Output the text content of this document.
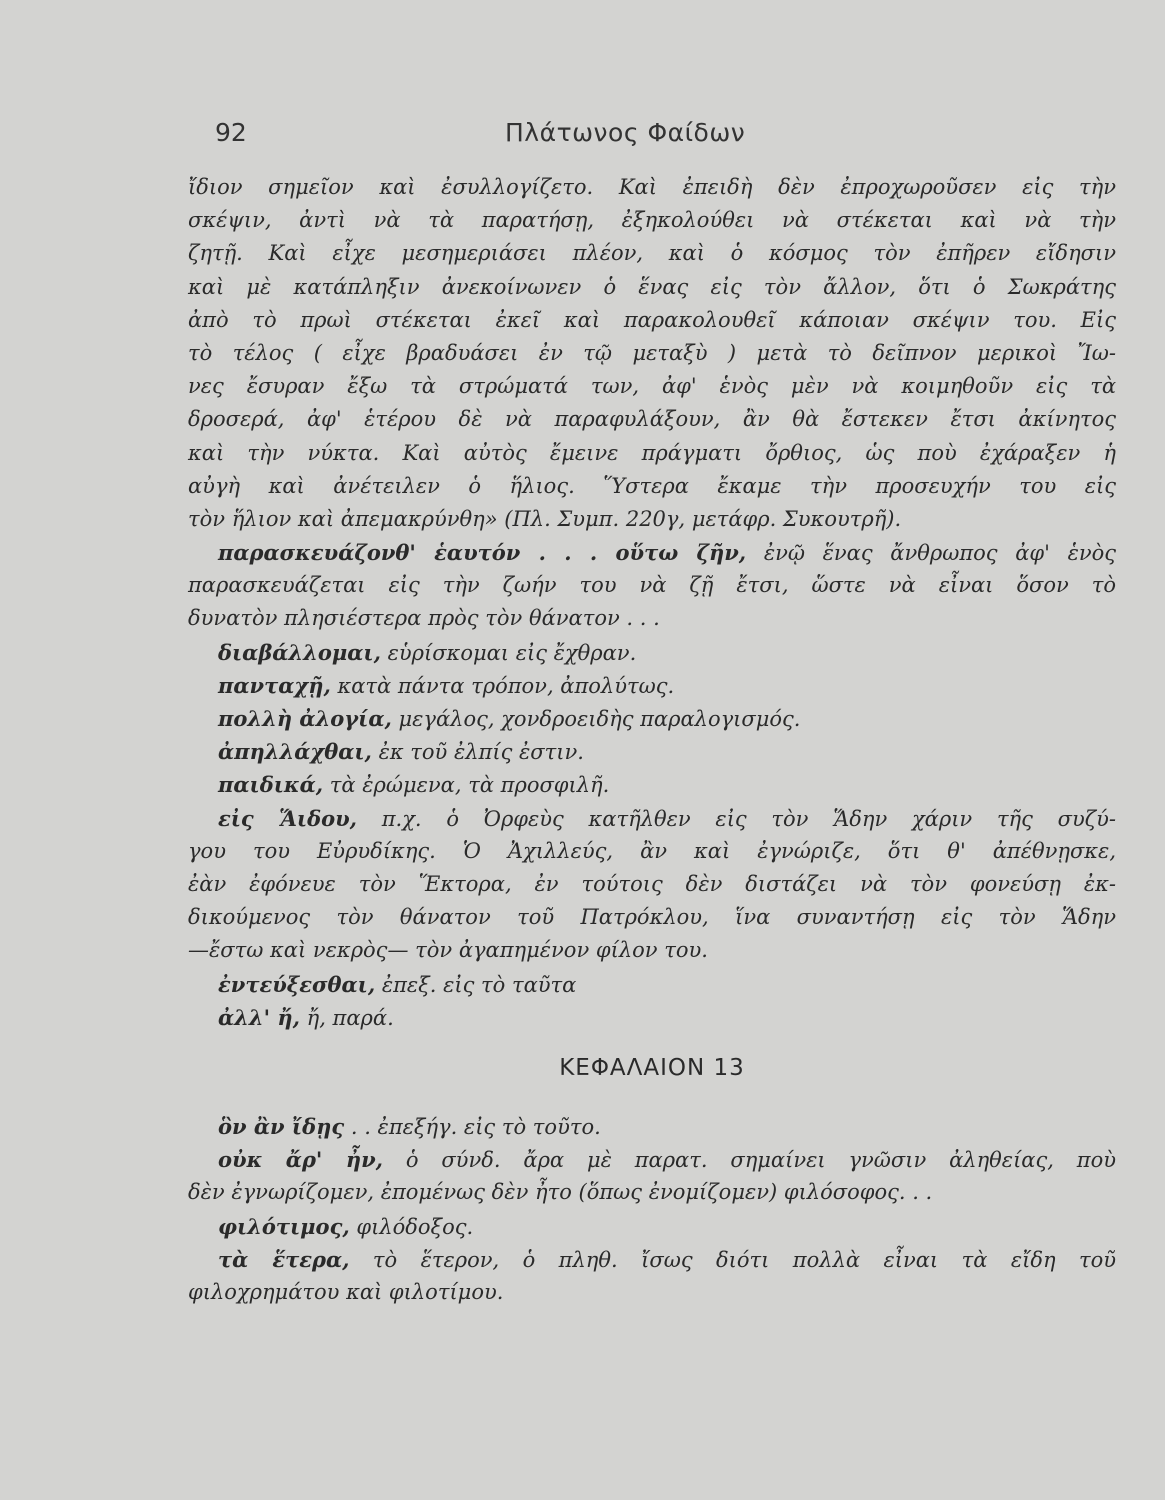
92	Πλάτωνος Φαίδων
ἴδιον σημεῖον καὶ ἐσυλλογίζετο. Καὶ ἐπειδὴ δὲν ἐπροχωροῦσεν εἰς τὴν
σκέψιν, ἀντὶ νὰ τὰ παρατήσῃ, ἐξηκολούθει νὰ στέκεται καὶ νὰ τὴν
ζητῇ. Καὶ εἶχε μεσημεριάσει πλέον, καὶ ὁ κόσμος τὸν ἐπῆρεν εἴδησιν
καὶ μὲ κατάπληξιν ἀνεκοίνωνεν ὁ ἕνας εἰς τὸν ἄλλον, ὅτι ὁ Σωκράτης
ἀπὸ τὸ πρωὶ στέκεται ἐκεῖ καὶ παρακολουθεῖ κάποιαν σκέψιν του. Εἰς
τὸ τέλος ( εἶχε βραδυάσει ἐν τῷ μεταξὺ ) μετὰ τὸ δεῖπνον μερικοὶ Ἴω-
νες ἔσυραν ἔξω τὰ στρώματά των, ἀφ' ἑνὸς μὲν νὰ κοιμηθοῦν εἰς τὰ
δροσερά, ἀφ' ἑτέρου δὲ νὰ παραφυλάξουν, ἂν θὰ ἔστεκεν ἔτσι ἀκίνητος
καὶ τὴν νύκτα. Καὶ αὐτὸς ἔμεινε πράγματι ὄρθιος, ὡς ποὺ ἐχάραξεν ἡ
αὐγὴ καὶ ἀνέτειλεν ὁ ἥλιος. Ὕστερα ἔκαμε τὴν προσευχήν του εἰς
τὸν ἥλιον καὶ ἀπεμακρύνθη» (Πλ. Συμπ. 220γ, μετάφρ. Συκουτρῆ).
παρασκευάζονθ' ἑαυτόν . . . οὕτω ζῆν, ἐνῷ ἕνας ἄνθρωπος ἀφ' ἑνὸς
παρασκευάζεται εἰς τὴν ζωήν του νὰ ζῇ ἔτσι, ὥστε νὰ εἶναι ὅσον τὸ
δυνατὸν πλησιέστερα πρὸς τὸν θάνατον . . .
διαβάλλομαι, εὑρίσκομαι εἰς ἔχθραν.
πανταχῇ, κατὰ πάντα τρόπον, ἀπολύτως.
πολλὴ ἀλογία, μεγάλος, χονδροειδὴς παραλογισμός.
ἀπηλλάχθαι, ἐκ τοῦ ἐλπίς ἐστιν.
παιδικά, τὰ ἐρώμενα, τὰ προσφιλῆ.
εἰς Ἅιδου, π.χ. ὁ Ὀρφεὺς κατῆλθεν εἰς τὸν Ἅδην χάριν τῆς συζύ-
γου του Εὐρυδίκης. Ὁ Ἀχιλλεύς, ἂν καὶ ἐγνώριζε, ὅτι θ' ἀπέθνῃσκε,
ἐὰν ἐφόνευε τὸν Ἕκτορα, ἐν τούτοις δὲν διστάζει νὰ τὸν φονεύσῃ ἐκ-
δικούμενος τὸν θάνατον τοῦ Πατρόκλου, ἵνα συναντήσῃ εἰς τὸν Ἅδην
—ἔστω καὶ νεκρὸς— τὸν ἀγαπημένον φίλον του.
ἐντεύξεσθαι, ἐπεξ. εἰς τὸ ταῦτα
ἀλλ' ἤ, ἤ, παρά.
ΚΕΦΑΛΑΙΟΝ 13
ὃν ἂν ἴδῃς . . ἐπεξήγ. εἰς τὸ τοῦτο.
οὐκ ἄρ' ἦν, ὁ σύνδ. ἄρα μὲ παρατ. σημαίνει γνῶσιν ἀληθείας, ποὺ
δὲν ἐγνωρίζομεν, ἐπομένως δὲν ἦτο (ὅπως ἐνομίζομεν) φιλόσοφος. . .
φιλότιμος, φιλόδοξος.
τὰ ἕτερα, τὸ ἕτερον, ὁ πληθ. ἴσως διότι πολλὰ εἶναι τὰ εἴδη τοῦ
φιλοχρημάτου καὶ φιλοτίμου.
